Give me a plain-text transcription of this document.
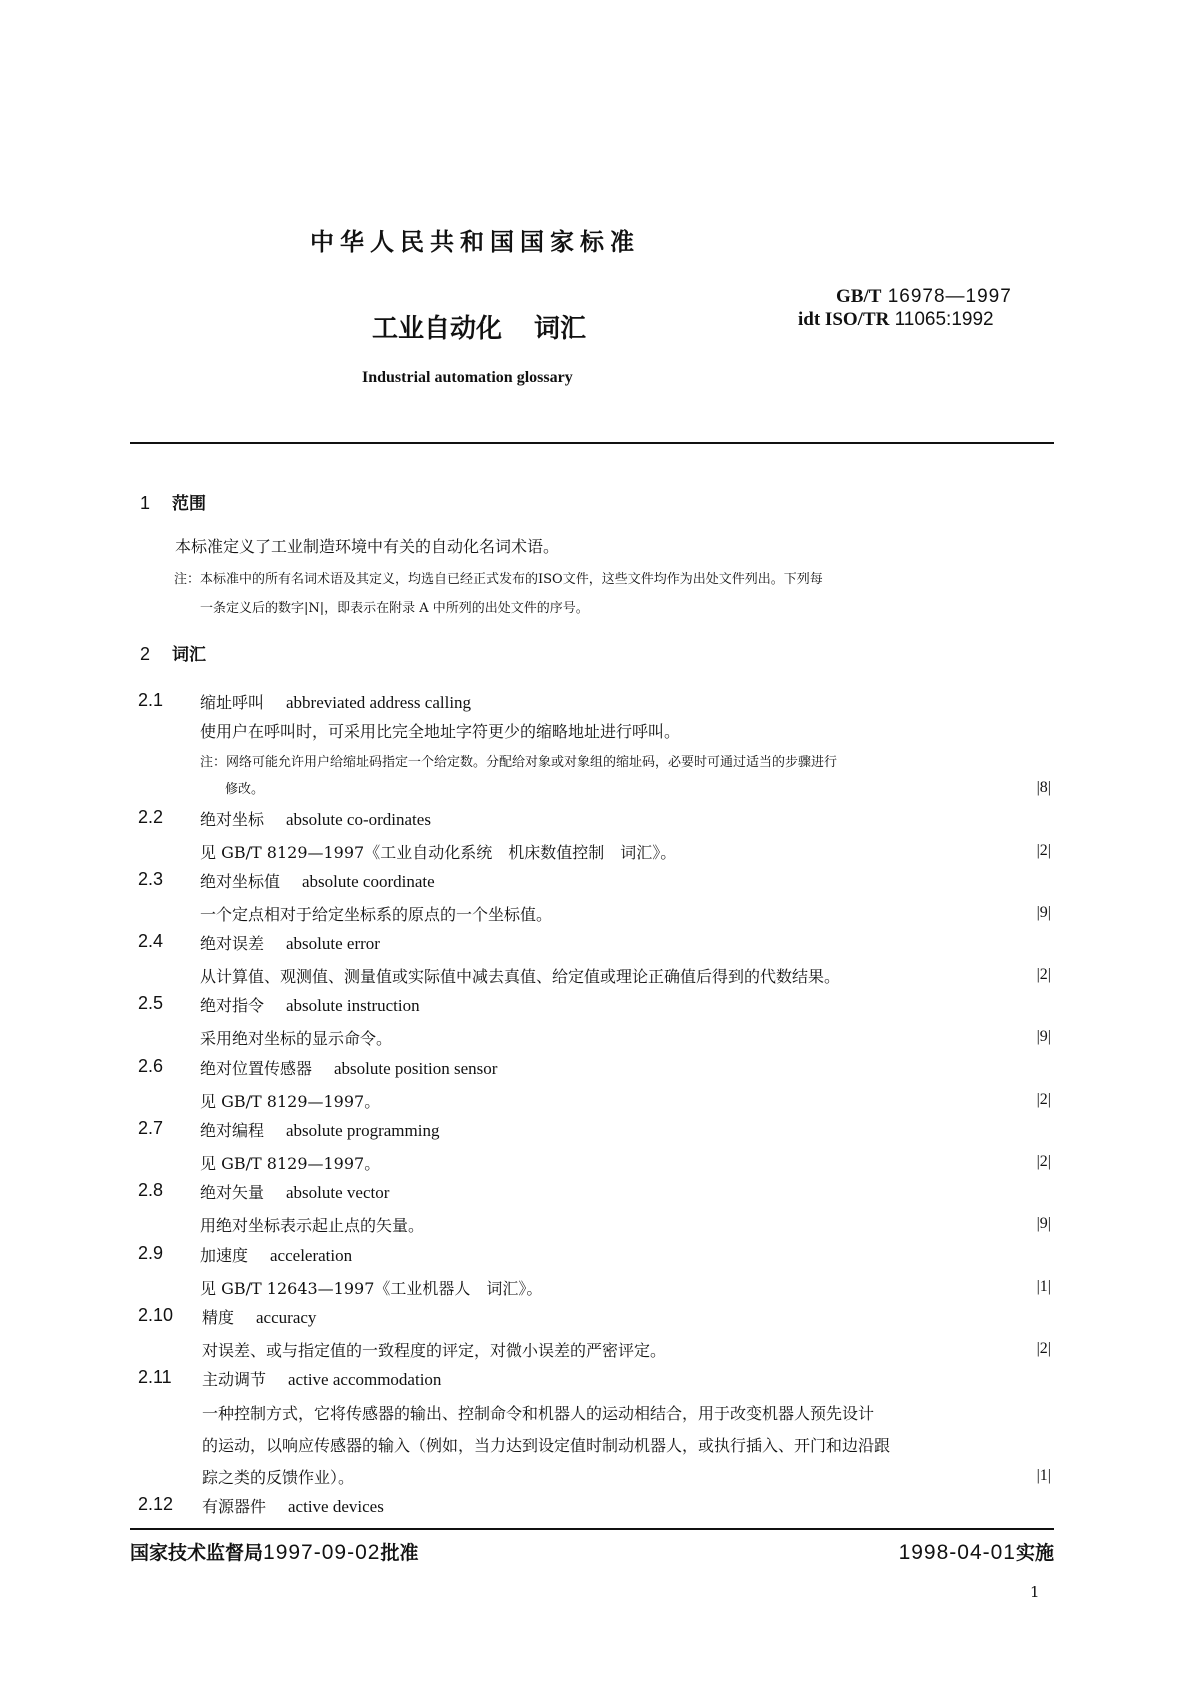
中华人民共和国国家标准
工业自动化 词汇
Industrial automation glossary
GB/T 16978—1997
idt ISO/TR 11065:1992
1 范围
本标准定义了工业制造环境中有关的自动化名词术语。
注：本标准中的所有名词术语及其定义，均选自已经正式发布的ISO文件，这些文件均作为出处文件列出。下列每
一条定义后的数字|N|，即表示在附录 A 中所列的出处文件的序号。
2 词汇
2.1 缩址呼叫 abbreviated address calling
使用户在呼叫时，可采用比完全地址字符更少的缩略地址进行呼叫。
注：网络可能允许用户给缩址码指定一个给定数。分配给对象或对象组的缩址码，必要时可通过适当的步骤进行
修改。	|8|
2.2 绝对坐标 absolute co-ordinates
见 GB/T 8129—1997《工业自动化系统　机床数值控制　词汇》。	|2|
2.3 绝对坐标值 absolute coordinate
一个定点相对于给定坐标系的原点的一个坐标值。	|9|
2.4 绝对误差 absolute error
从计算值、观测值、测量值或实际值中减去真值、给定值或理论正确值后得到的代数结果。	|2|
2.5 绝对指令 absolute instruction
采用绝对坐标的显示命令。	|9|
2.6 绝对位置传感器 absolute position sensor
见 GB/T 8129—1997。	|2|
2.7 绝对编程 absolute programming
见 GB/T 8129—1997。	|2|
2.8 绝对矢量 absolute vector
用绝对坐标表示起止点的矢量。	|9|
2.9 加速度 acceleration
见 GB/T 12643—1997《工业机器人　词汇》。	|1|
2.10 精度 accuracy
对误差、或与指定值的一致程度的评定，对微小误差的严密评定。	|2|
2.11 主动调节 active accommodation
一种控制方式，它将传感器的输出、控制命令和机器人的运动相结合，用于改变机器人预先设计
的运动，以响应传感器的输入（例如，当力达到设定值时制动机器人，或执行插入、开门和边沿跟
踪之类的反馈作业）。	|1|
2.12 有源器件 active devices
国家技术监督局1997-09-02批准	1998-04-01实施
1
